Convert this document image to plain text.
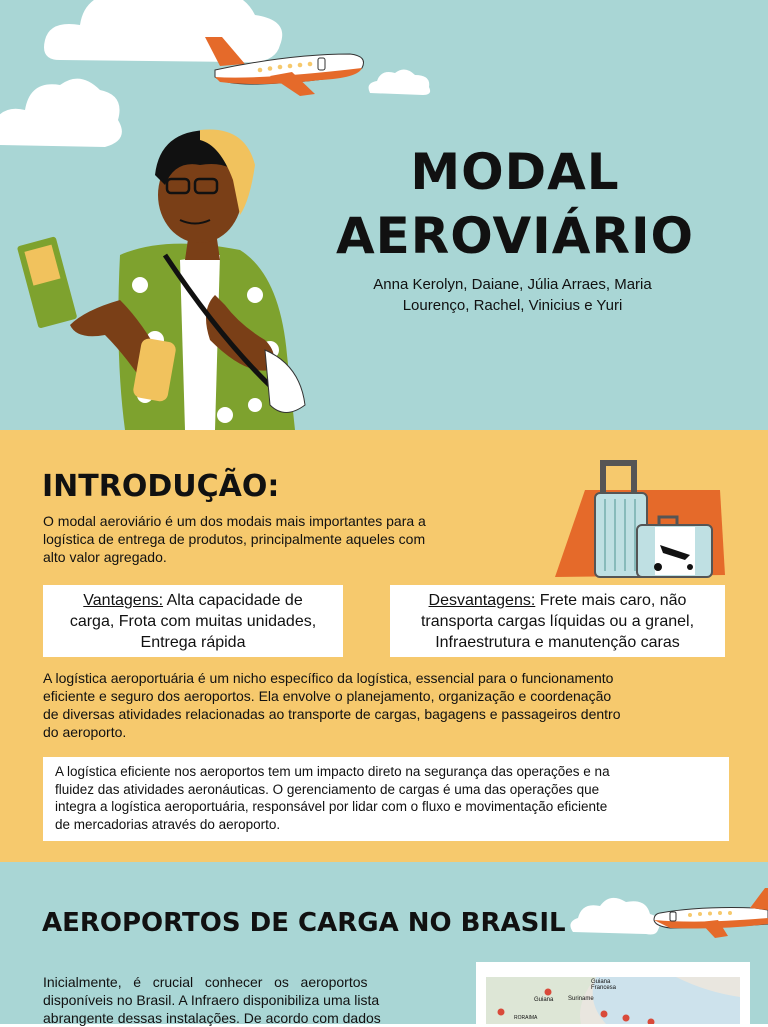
MODAL
AEROVIÁRIO
Anna Kerolyn, Daiane, Júlia Arraes, Maria
Lourenço, Rachel, Vinicius e Yuri
INTRODUÇÃO:
O modal aeroviário é um dos modais mais importantes para a
logística de entrega de produtos, principalmente aqueles com
alto valor agregado.
Vantagens: Alta capacidade de
carga, Frota com muitas unidades,
Entrega rápida
Desvantagens: Frete mais caro, não
transporta cargas líquidas ou a granel,
Infraestrutura e manutenção caras
A logística aeroportuária é um nicho específico da logística, essencial para o funcionamento
eficiente e seguro dos aeroportos. Ela envolve o planejamento, organização e coordenação
de diversas atividades relacionadas ao transporte de cargas, bagagens e passageiros dentro
do aeroporto.
A logística eficiente nos aeroportos tem um impacto direto na segurança das operações e na
fluidez das atividades aeronáuticas. O gerenciamento de cargas é uma das operações que
integra a logística aeroportuária, responsável por lidar com o fluxo e movimentação eficiente
de mercadorias através do aeroporto.
AEROPORTOS DE CARGA NO BRASIL
Inicialmente,   é   crucial   conhecer   os   aeroportos
disponíveis no Brasil. A Infraero disponibiliza uma lista
abrangente dessas instalações. De acordo com dados
Guiana Francesa
Suriname
Guiana
RORAIMA
